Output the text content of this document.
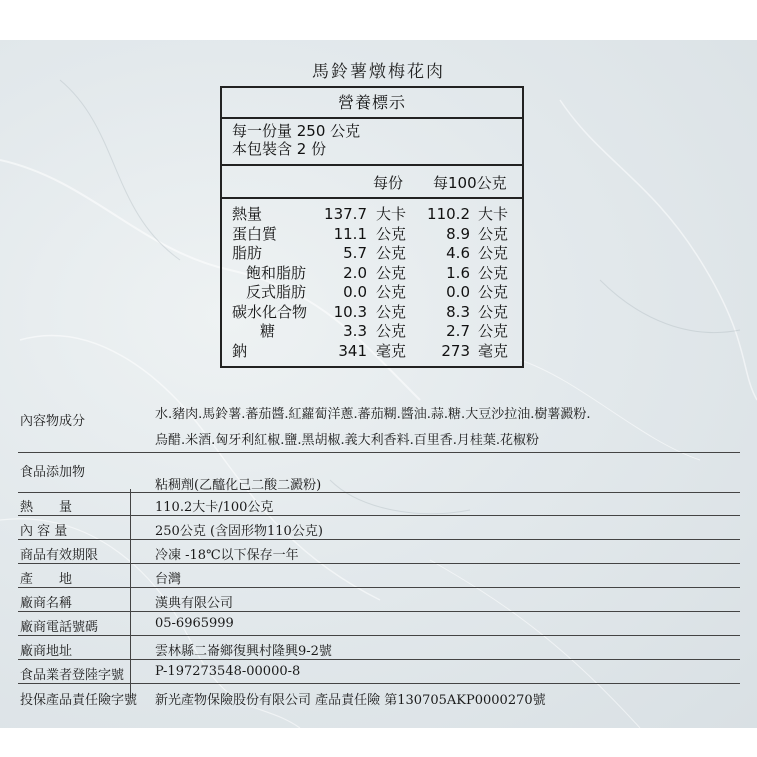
馬鈴薯燉梅花肉
營養標示
每一份量 250 公克
本包裝含 2 份
每份 每100公克
熱量	137.7 大卡 110.2 大卡
蛋白質	11.1 公克	8.9 公克
脂肪	5.7 公克	4.6 公克
飽和脂肪 2.0 公克	1.6 公克
反式脂肪 0.0 公克	0.0 公克
碳水化合物 10.3 公克	8.3 公克
糖	3.3 公克	2.7 公克
鈉	341 毫克 273 毫克
內容物成分	水.豬肉.馬鈴薯.蕃茄醬.紅蘿蔔洋蔥.蕃茄糊.醬油.蒜.糖.大豆沙拉油.樹薯澱粉.
烏醋.米酒.匈牙利紅椒.鹽.黑胡椒.義大利香料.百里香.月桂葉.花椒粉
食品添加物
粘稠劑(乙醯化己二酸二澱粉)
熱　　量	110.2大卡/100公克
內 容 量	250公克 (含固形物110公克)
商品有效期限	冷凍 -18℃以下保存一年
產　　地	台灣
廠商名稱	漢典有限公司
廠商電話號碼	05-6965999
廠商地址	雲林縣二崙鄉復興村隆興9-2號
食品業者登陸字號 P-197273548-00000-8
投保產品責任險字號 新光產物保險股份有限公司 產品責任險 第130705AKP0000270號
